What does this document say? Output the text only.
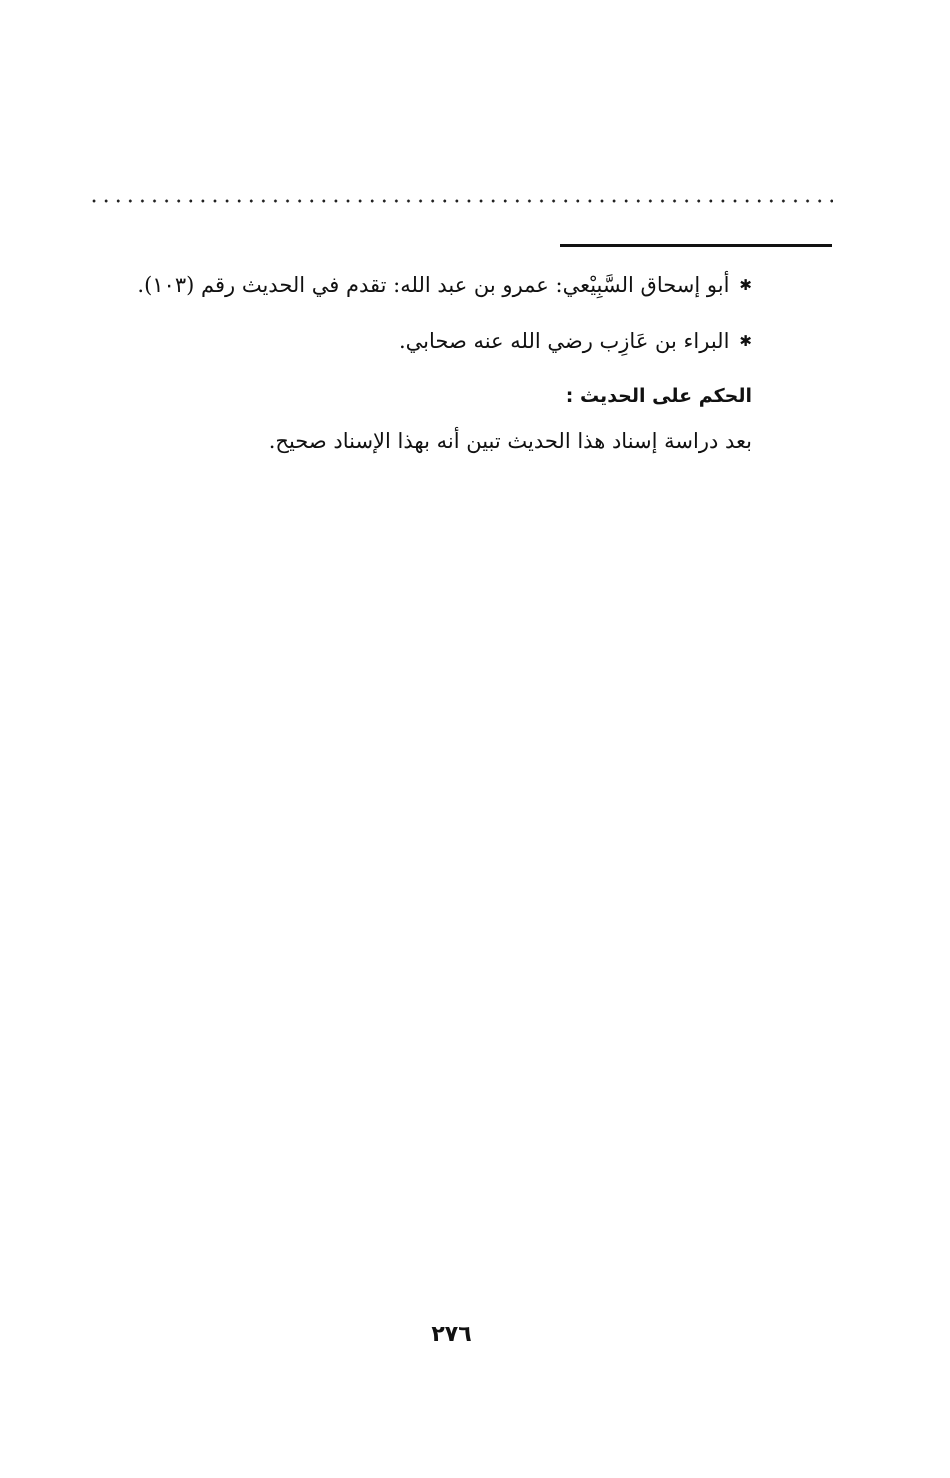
✱أبو إسحاق السَّبِيْعي: عمرو بن عبد الله: تقدم في الحديث رقم (١٠٣).
✱البراء بن عَازِب رضي الله عنه صحابي.
الحكم على الحديث :
بعد دراسة إسناد هذا الحديث تبين أنه بهذا الإسناد صحيح.
٢٧٦
